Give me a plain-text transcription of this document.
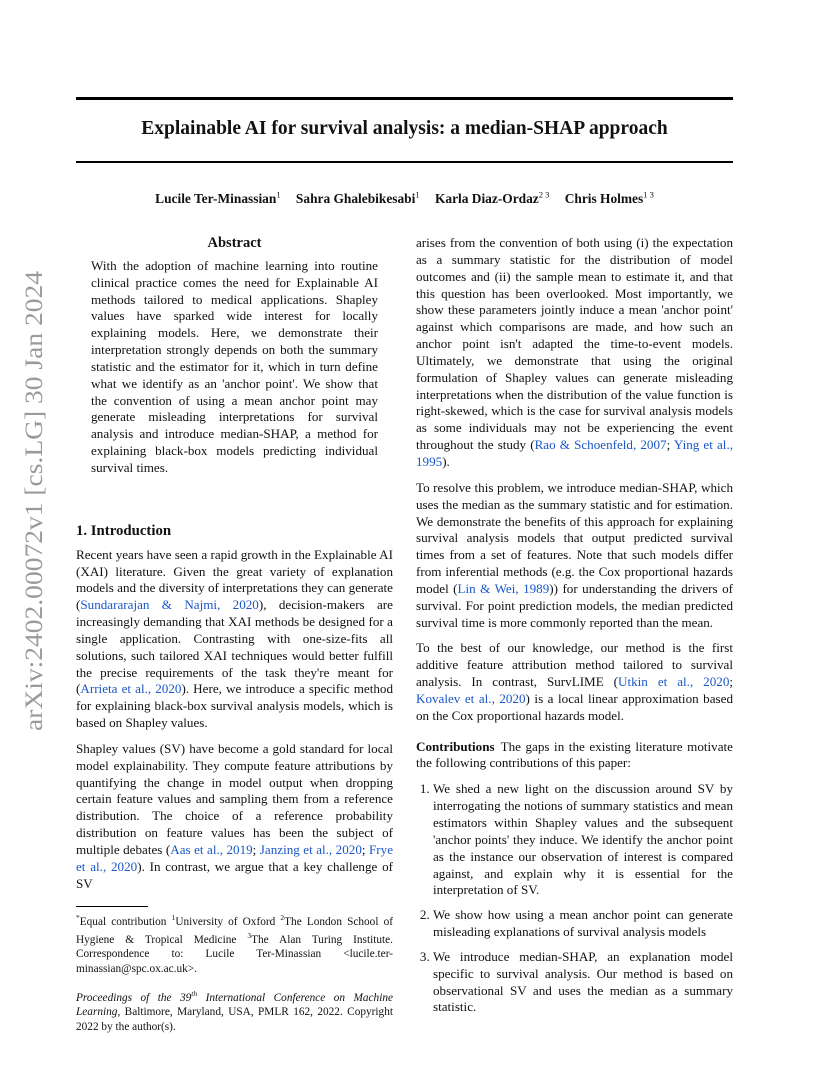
Explainable AI for survival analysis: a median-SHAP approach
Lucile Ter-Minassian$^1$ Sahra Ghalebikesabi$^1$ Karla Diaz-Ordaz$^{2 3}$ Chris Holmes$^{1 3}$
arXiv:2402.00072v1 [cs.LG] 30 Jan 2024
Abstract

With the adoption of machine learning into routine clinical practice comes the need for Explainable AI methods tailored to medical applications. Shapley values have sparked wide interest for locally explaining models. Here, we demonstrate their interpretation strongly depends on both the summary statistic and the estimator for it, which in turn define what we identify as an 'anchor point'. We show that the convention of using a mean anchor point may generate misleading interpretations for survival analysis and introduce median-SHAP, a method for explaining black-box models predicting individual survival times.

1. Introduction

Recent years have seen a rapid growth in the Explainable AI (XAI) literature. Given the great variety of explanation models and the diversity of interpretations they can generate (Sundararajan & Najmi, 2020), decision-makers are increasingly demanding that XAI methods be designed for a single application. Contrasting with one-size-fits all solutions, such tailored XAI techniques would better fulfill the precise requirements of the task they're meant for (Arrieta et al., 2020). Here, we introduce a specific method for explaining black-box survival analysis models, which is based on Shapley values.

Shapley values (SV) have become a gold standard for local model explainability. They compute feature attributions by quantifying the change in model output when dropping certain feature values and sampling them from a reference distribution. The choice of a reference probability distribution on feature values has been the subject of multiple debates (Aas et al., 2019; Janzing et al., 2020; Frye et al., 2020). In contrast, we argue that a key challenge of SV

*Equal contribution $^1$University of Oxford $^2$The London School of Hygiene & Tropical Medicine $^3$The Alan Turing Institute. Correspondence to: Lucile Ter-Minassian <lucile.ter-minassian@spc.ox.ac.uk>.

Proceedings of the 39th International Conference on Machine Learning, Baltimore, Maryland, USA, PMLR 162, 2022. Copyright 2022 by the author(s).

arises from the convention of both using (i) the expectation as a summary statistic for the distribution of model outcomes and (ii) the sample mean to estimate it, and that this question has been overlooked. Most importantly, we show these parameters jointly induce a mean 'anchor point' against which comparisons are made, and how such an anchor point isn't adapted the time-to-event models. Ultimately, we demonstrate that using the original formulation of Shapley values can generate misleading interpretations when the distribution of the value function is right-skewed, which is the case for survival analysis models as some individuals may not be experiencing the event throughout the study (Rao & Schoenfeld, 2007; Ying et al., 1995).

To resolve this problem, we introduce median-SHAP, which uses the median as the summary statistic and for estimation. We demonstrate the benefits of this approach for explaining survival analysis models that output predicted survival times from a set of features. Note that such models differ from inferential methods (e.g. the Cox proportional hazards model (Lin & Wei, 1989)) for understanding the drivers of survival. For point prediction models, the median predicted survival time is more commonly reported than the mean.

To the best of our knowledge, our method is the first additive feature attribution method tailored to survival analysis. In contrast, SurvLIME (Utkin et al., 2020; Kovalev et al., 2020) is a local linear approximation based on the Cox proportional hazards model.

Contributions The gaps in the existing literature motivate the following contributions of this paper:

1. We shed a new light on the discussion around SV by interrogating the notions of summary statistics and mean estimators within Shapley values and the subsequent 'anchor points' they induce. We identify the anchor point as the instance our observation of interest is compared against, and explain why it is essential for the interpretation of SV.
2. We show how using a mean anchor point can generate misleading explanations of survival analysis models
3. We introduce median-SHAP, an explanation model specific to survival analysis. Our method is based on observational SV and uses the median as a summary statistic.
